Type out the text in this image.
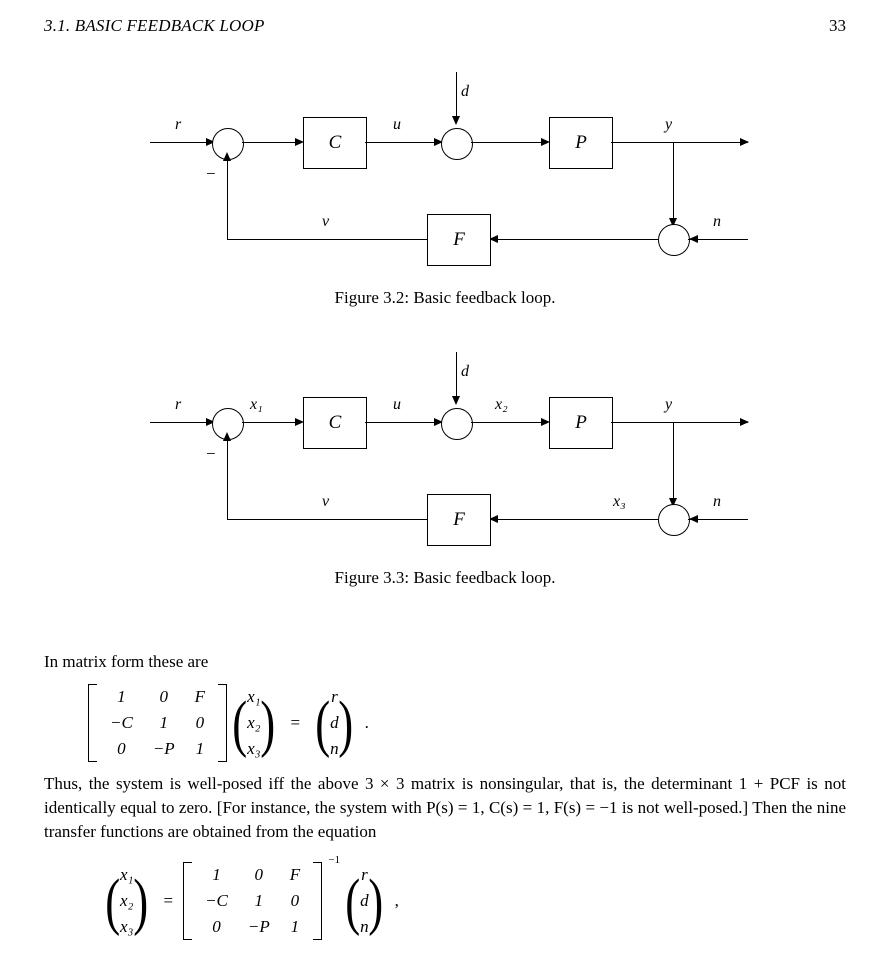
3.1. BASIC FEEDBACK LOOP	33
r
−
C
u
d
P
y
n
F
v
Figure 3.2: Basic feedback loop.
r
−
x₁
C
u
d
x₂
P
y
n
x₃
F
v
Figure 3.3: Basic feedback loop.
In matrix form these are
1	0	F
−C	1	0
0	−P	1
( x₁
x₂
x₃
)
=
( r
d
n
)
.
Thus, the system is well-posed iff the above 3 × 3 matrix is nonsingular, that is, the determinant 1 + PCF is not identically equal to zero. [For instance, the system with P(s) = 1, C(s) = 1, F(s) = −1 is not well-posed.] Then the nine transfer functions are obtained from the equation
( x₁
x₂
x₃
)
=
1	0	F
−C	1	0
0	−P	1
−1
( r
d
n
)
,
